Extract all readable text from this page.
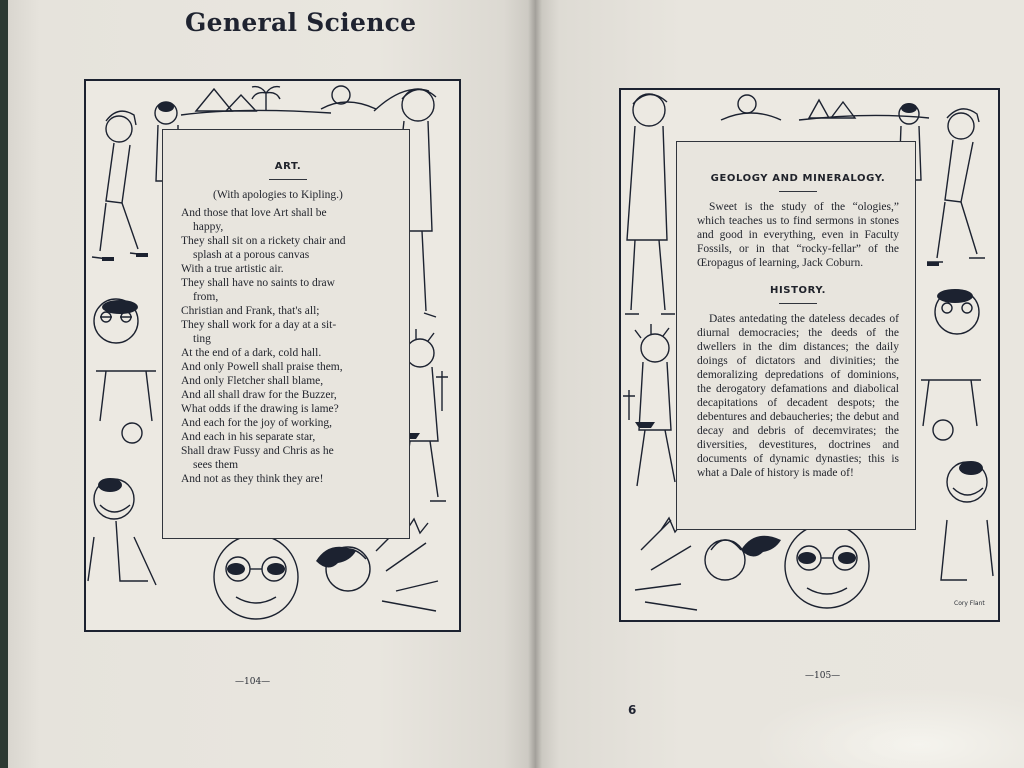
General Science
ART.

(With apologies to Kipling.)

And those that love Art shall be

happy,

They shall sit on a rickety chair and

splash at a porous canvas

With a true artistic air.

They shall have no saints to draw

from,

Christian and Frank, that's all;

They shall work for a day at a sit-

ting

At the end of a dark, cold hall.

And only Powell shall praise them,

And only Fletcher shall blame,

And all shall draw for the Buzzer,

What odds if the drawing is lame?

And each for the joy of working,

And each in his separate star,

Shall draw Fussy and Chris as he

sees them

And not as they think they are!

GEOLOGY AND MINERALOGY.

Sweet is the study of the “ologies,” which teaches us to find sermons in stones and good in everything, even in Faculty Fossils, or in that “rocky-fellar” of the Œropagus of learning, Jack Coburn.

HISTORY.

Dates antedating the dateless decades of diurnal democracies; the deeds of the dwellers in the dim distances; the daily doings of dictators and divinities; the demoralizing depredations of dominions, the derogatory defamations and diabolical decapitations of decadent despots; the debentures and debaucheries; the debut and decay and debris of decemvirates; the diversities, devestitures, doctrines and documents of dynamic dynasties; this is what a Dale of history is made of!

Cory Flant
—104—
—105—
6
